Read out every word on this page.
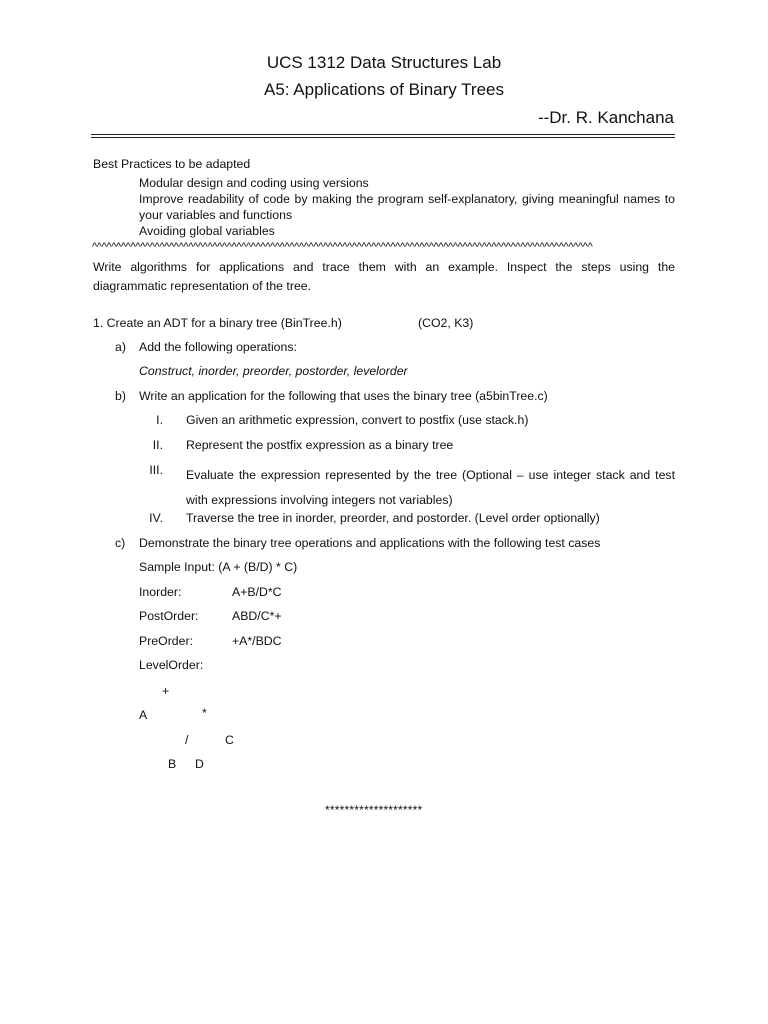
UCS 1312 Data Structures Lab
A5: Applications of Binary Trees
--Dr. R. Kanchana
Best Practices to be adapted
Modular design and coding using versions
Improve readability of code by making the program self-explanatory, giving meaningful names to your variables and functions
Avoiding global variables
^^^^^^^^^^^^^^^^^^^^^^^^^^^^^^^^^^^^^^^^^^^^^^^^^^^^^^^^^^^^^^^^^^^^^^^^^^^^^^^^^^^^^^^^^^^^^^^^^^^^^^^^
Write algorithms for applications and trace them with an example. Inspect the steps using the diagrammatic representation of the tree.
1. Create an ADT for a binary tree (BinTree.h)	(CO2, K3)
a) Add the following operations:
Construct, inorder, preorder, postorder, levelorder
b) Write an application for the following that uses the binary tree (a5binTree.c)
I. Given an arithmetic expression, convert to postfix (use stack.h)
II. Represent the postfix expression as a binary tree
III. Evaluate the expression represented by the tree (Optional – use integer stack and test with expressions involving integers not variables)
IV. Traverse the tree in inorder, preorder, and postorder. (Level order optionally)
c) Demonstrate the binary tree operations and applications with the following test cases
Sample Input: (A + (B/D) * C)
Inorder:	A+B/D*C
PostOrder:	ABD/C*+
PreOrder:	+A*/BDC
LevelOrder:
+
A	*
/	C
B D
********************
